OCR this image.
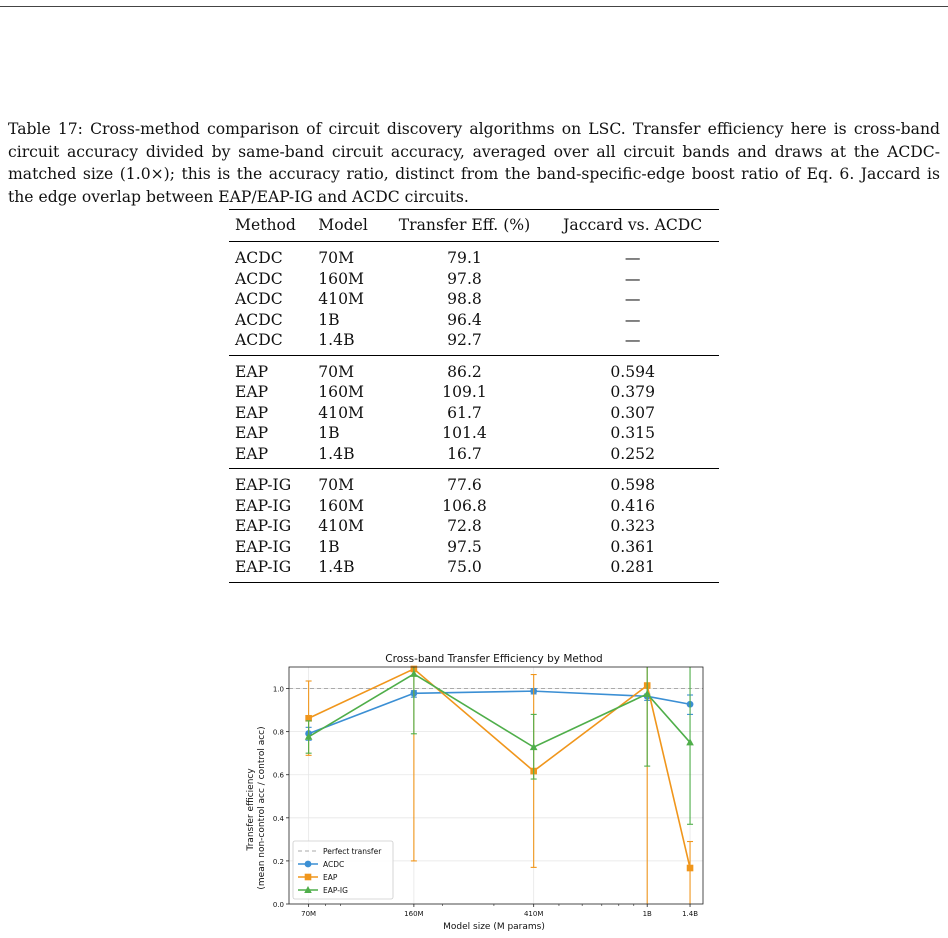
Table 17: Cross-method comparison of circuit discovery algorithms on LSC. Transfer efficiency here is cross-band circuit accuracy divided by same-band circuit accuracy, averaged over all circuit bands and draws at the ACDC-matched size (1.0×); this is the accuracy ratio, distinct from the band-specific-edge boost ratio of Eq. 6. Jaccard is the edge overlap between EAP/EAP-IG and ACDC circuits.

Method	Model	Transfer Eff. (%)	Jaccard vs. ACDC
ACDC	70M	79.1	—
ACDC	160M	97.8	—
ACDC	410M	98.8	—
ACDC	1B	96.4	—
ACDC	1.4B	92.7	—
EAP	70M	86.2	0.594
EAP	160M	109.1	0.379
EAP	410M	61.7	0.307
EAP	1B	101.4	0.315
EAP	1.4B	16.7	0.252
EAP-IG	70M	77.6	0.598
EAP-IG	160M	106.8	0.416
EAP-IG	410M	72.8	0.323
EAP-IG	1B	97.5	0.361
EAP-IG	1.4B	75.0	0.281
Cross-band Transfer Efficiency by Method
0.0
0.2
0.4
0.6
0.8
1.0
70M	160M	410M	1B	1.4B
Model size (M params)
Transfer efficiency (mean non-control acc / control acc)	Perfect transfer
ACDC
EAP
EAP-IG
